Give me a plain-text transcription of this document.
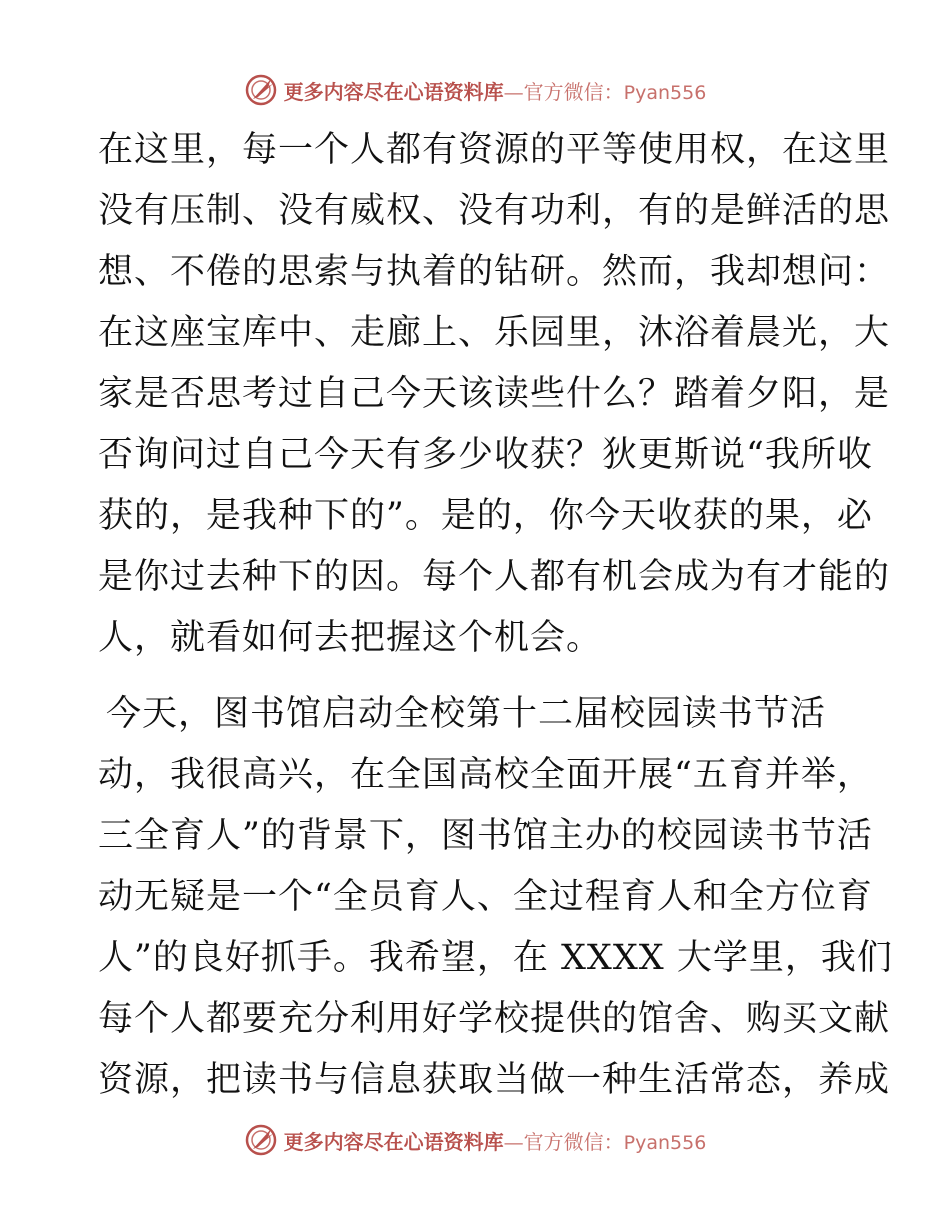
更多内容尽在心语资料库—官方微信：Pyan556
在这里，每一个人都有资源的平等使用权，在这里
没有压制、没有威权、没有功利，有的是鲜活的思
想、不倦的思索与执着的钻研。然而，我却想问：
在这座宝库中、走廊上、乐园里，沐浴着晨光，大
家是否思考过自己今天该读些什么？踏着夕阳，是
否询问过自己今天有多少收获？狄更斯说“我所收
获的，是我种下的”。是的，你今天收获的果，必
是你过去种下的因。每个人都有机会成为有才能的
人，就看如何去把握这个机会。
今天，图书馆启动全校第十二届校园读书节活
动，我很高兴，在全国高校全面开展“五育并举，
三全育人”的背景下，图书馆主办的校园读书节活
动无疑是一个“全员育人、全过程育人和全方位育
人”的良好抓手。我希望，在 XXXX 大学里，我们
每个人都要充分利用好学校提供的馆舍、购买文献
资源，把读书与信息获取当做一种生活常态，养成
更多内容尽在心语资料库—官方微信：Pyan556
